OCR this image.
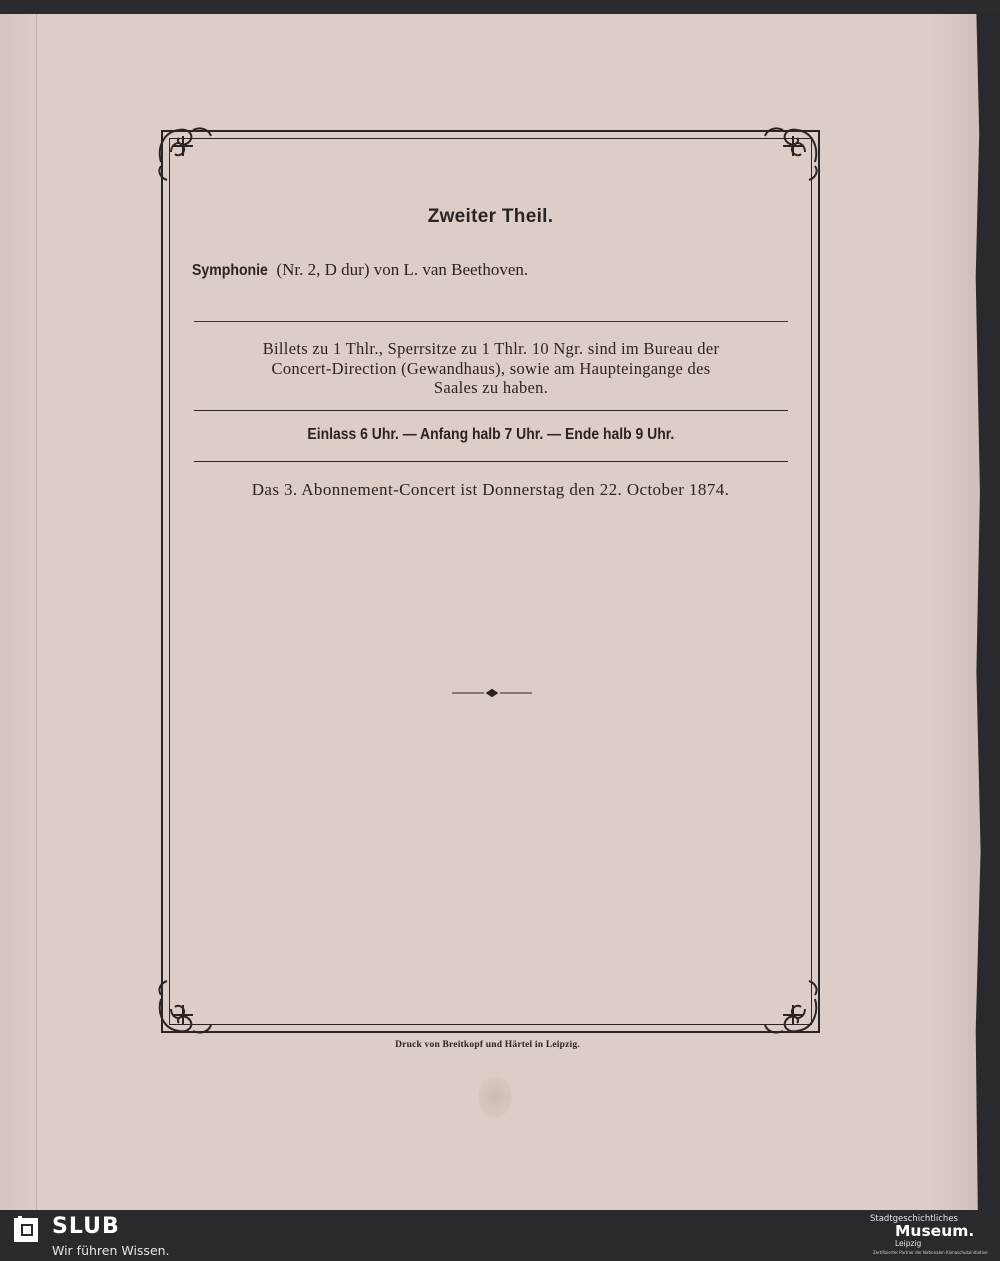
Zweiter Theil.
Symphonie (Nr. 2, D dur) von L. van Beethoven.
Billets zu 1 Thlr., Sperrsitze zu 1 Thlr. 10 Ngr. sind im Bureau der
Concert-Direction (Gewandhaus), sowie am Haupteingange des
Saales zu haben.
Einlass 6 Uhr. — Anfang halb 7 Uhr. — Ende halb 9 Uhr.
Das 3. Abonnement-Concert ist Donnerstag den 22. October 1874.
Druck von Breitkopf und Härtel in Leipzig.
SLUB
Wir führen Wissen.
Stadtgeschichtliches
Museum.
Leipzig
Zertifizierter Partner der Nationalen Klimaschutzinitiative
